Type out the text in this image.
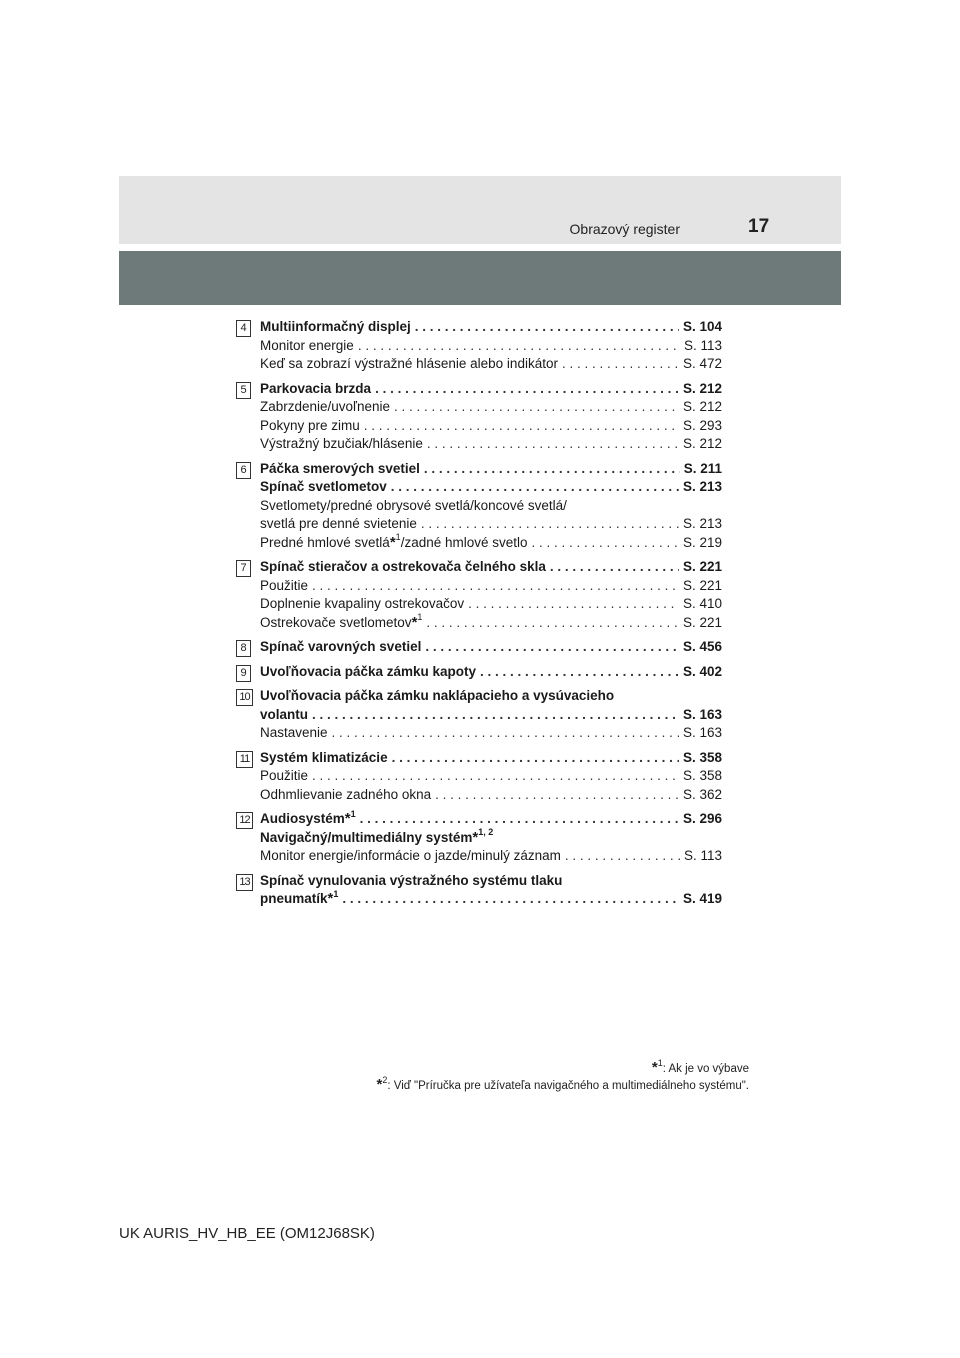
Obrazový register	17
4 Multiinformačný displej . . .	S. 104
Monitor energie . . .	S. 113
Keď sa zobrazí výstražné hlásenie alebo indikátor . . .	S. 472
5 Parkovacia brzda . . .	S. 212
Zabrzdenie/uvoľnenie . . .	S. 212
Pokyny pre zimu . . .	S. 293
Výstražný bzučiak/hlásenie . . .	S. 212
6 Páčka smerových svetiel . . .	S. 211
Spínač svetlometov . . .	S. 213
Svetlomety/predné obrysové svetlá/koncové svetlá/
svetlá pre denné svietenie . . .	S. 213
Predné hmlové svetlá*$^1$/zadné hmlové svetlo . . .	S. 219
7 Spínač stieračov a ostrekovača čelného skla . . .	S. 221
Použitie . . .	S. 221
Doplnenie kvapaliny ostrekovačov . . .	S. 410
Ostrekovače svetlometov*$^1$ . . .	S. 221
8 Spínač varovných svetiel . . .	S. 456
9 Uvoľňovacia páčka zámku kapoty . . .	S. 402
10 Uvoľňovacia páčka zámku naklápacieho a vysúvacieho
volantu . . .	S. 163
Nastavenie . . .	S. 163
11 Systém klimatizácie . . .	S. 358
Použitie . . .	S. 358
Odhmlievanie zadného okna . . .	S. 362
12 Audiosystém*$^1$ . . .	S. 296
Navigačný/multimediálny systém*$^{1, 2}$
Monitor energie/informácie o jazde/minulý záznam . . .	S. 113
13 Spínač vynulovania výstražného systému tlaku
pneumatík*$^1$ . . .	S. 419
*$^1$: Ak je vo výbave
*$^2$: Viď "Príručka pre užívateľa navigačného a multimediálneho systému".
UK AURIS_HV_HB_EE (OM12J68SK)
